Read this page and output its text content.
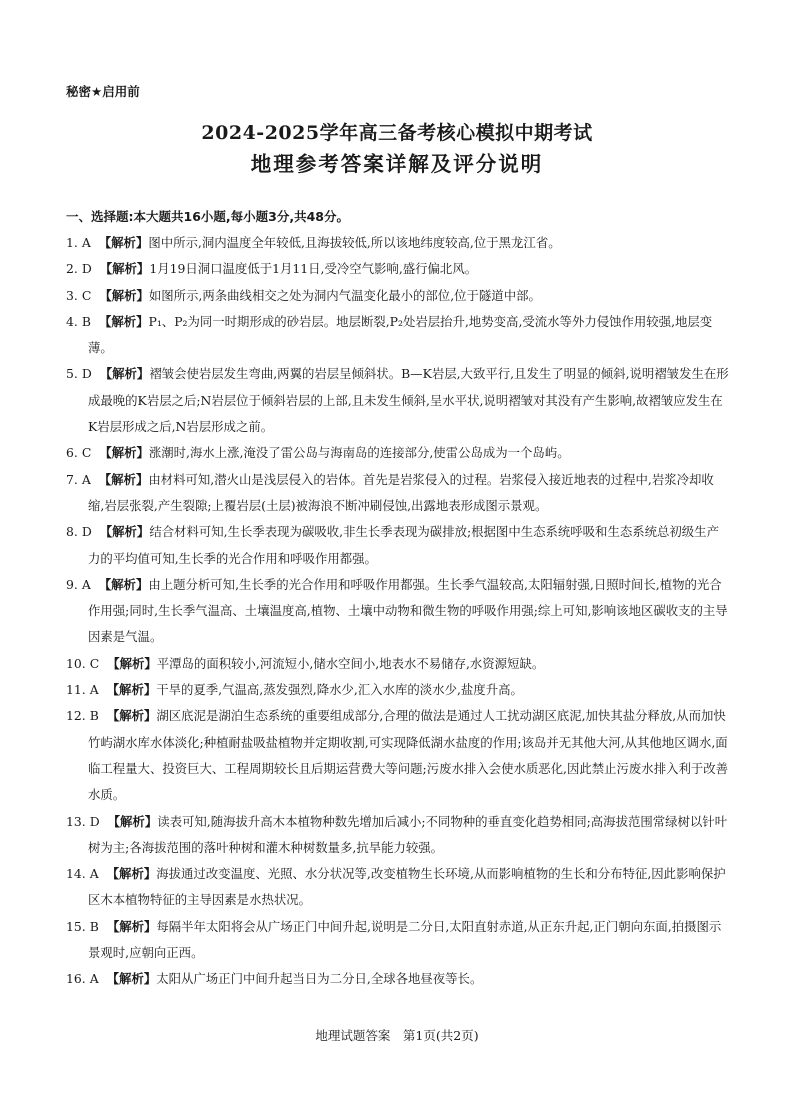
秘密★启用前
2024-2025学年高三备考核心模拟中期考试
地理参考答案详解及评分说明
一、选择题:本大题共16小题,每小题3分,共48分。
1. A 【解析】图中所示,洞内温度全年较低,且海拔较低,所以该地纬度较高,位于黑龙江省。
2. D 【解析】1月19日洞口温度低于1月11日,受冷空气影响,盛行偏北风。
3. C 【解析】如图所示,两条曲线相交之处为洞内气温变化最小的部位,位于隧道中部。
4. B 【解析】P₁、P₂为同一时期形成的砂岩层。地层断裂,P₂处岩层抬升,地势变高,受流水等外力侵蚀作用较强,地层变薄。
5. D 【解析】褶皱会使岩层发生弯曲,两翼的岩层呈倾斜状。B—K岩层,大致平行,且发生了明显的倾斜,说明褶皱发生在形成最晚的K岩层之后;N岩层位于倾斜岩层的上部,且未发生倾斜,呈水平状,说明褶皱对其没有产生影响,故褶皱应发生在K岩层形成之后,N岩层形成之前。
6. C 【解析】涨潮时,海水上涨,淹没了雷公岛与海南岛的连接部分,使雷公岛成为一个岛屿。
7. A 【解析】由材料可知,潜火山是浅层侵入的岩体。首先是岩浆侵入的过程。岩浆侵入接近地表的过程中,岩浆冷却收缩,岩层张裂,产生裂隙;上覆岩层(土层)被海浪不断冲刷侵蚀,出露地表形成图示景观。
8. D 【解析】结合材料可知,生长季表现为碳吸收,非生长季表现为碳排放;根据图中生态系统呼吸和生态系统总初级生产力的平均值可知,生长季的光合作用和呼吸作用都强。
9. A 【解析】由上题分析可知,生长季的光合作用和呼吸作用都强。生长季气温较高,太阳辐射强,日照时间长,植物的光合作用强;同时,生长季气温高、土壤温度高,植物、土壤中动物和微生物的呼吸作用强;综上可知,影响该地区碳收支的主导因素是气温。
10. C 【解析】平潭岛的面积较小,河流短小,储水空间小,地表水不易储存,水资源短缺。
11. A 【解析】干旱的夏季,气温高,蒸发强烈,降水少,汇入水库的淡水少,盐度升高。
12. B 【解析】湖区底泥是湖泊生态系统的重要组成部分,合理的做法是通过人工扰动湖区底泥,加快其盐分释放,从而加快竹屿湖水库水体淡化;种植耐盐吸盐植物并定期收割,可实现降低湖水盐度的作用;该岛并无其他大河,从其他地区调水,面临工程量大、投资巨大、工程周期较长且后期运营费大等问题;污废水排入会使水质恶化,因此禁止污废水排入利于改善水质。
13. D 【解析】读表可知,随海拔升高木本植物种数先增加后减小;不同物种的垂直变化趋势相同;高海拔范围常绿树以针叶树为主;各海拔范围的落叶种树和灌木种树数量多,抗旱能力较强。
14. A 【解析】海拔通过改变温度、光照、水分状况等,改变植物生长环境,从而影响植物的生长和分布特征,因此影响保护区木本植物特征的主导因素是水热状况。
15. B 【解析】每隔半年太阳将会从广场正门中间升起,说明是二分日,太阳直射赤道,从正东升起,正门朝向东面,拍摄图示景观时,应朝向正西。
16. A 【解析】太阳从广场正门中间升起当日为二分日,全球各地昼夜等长。
地理试题答案　第1页(共2页)
